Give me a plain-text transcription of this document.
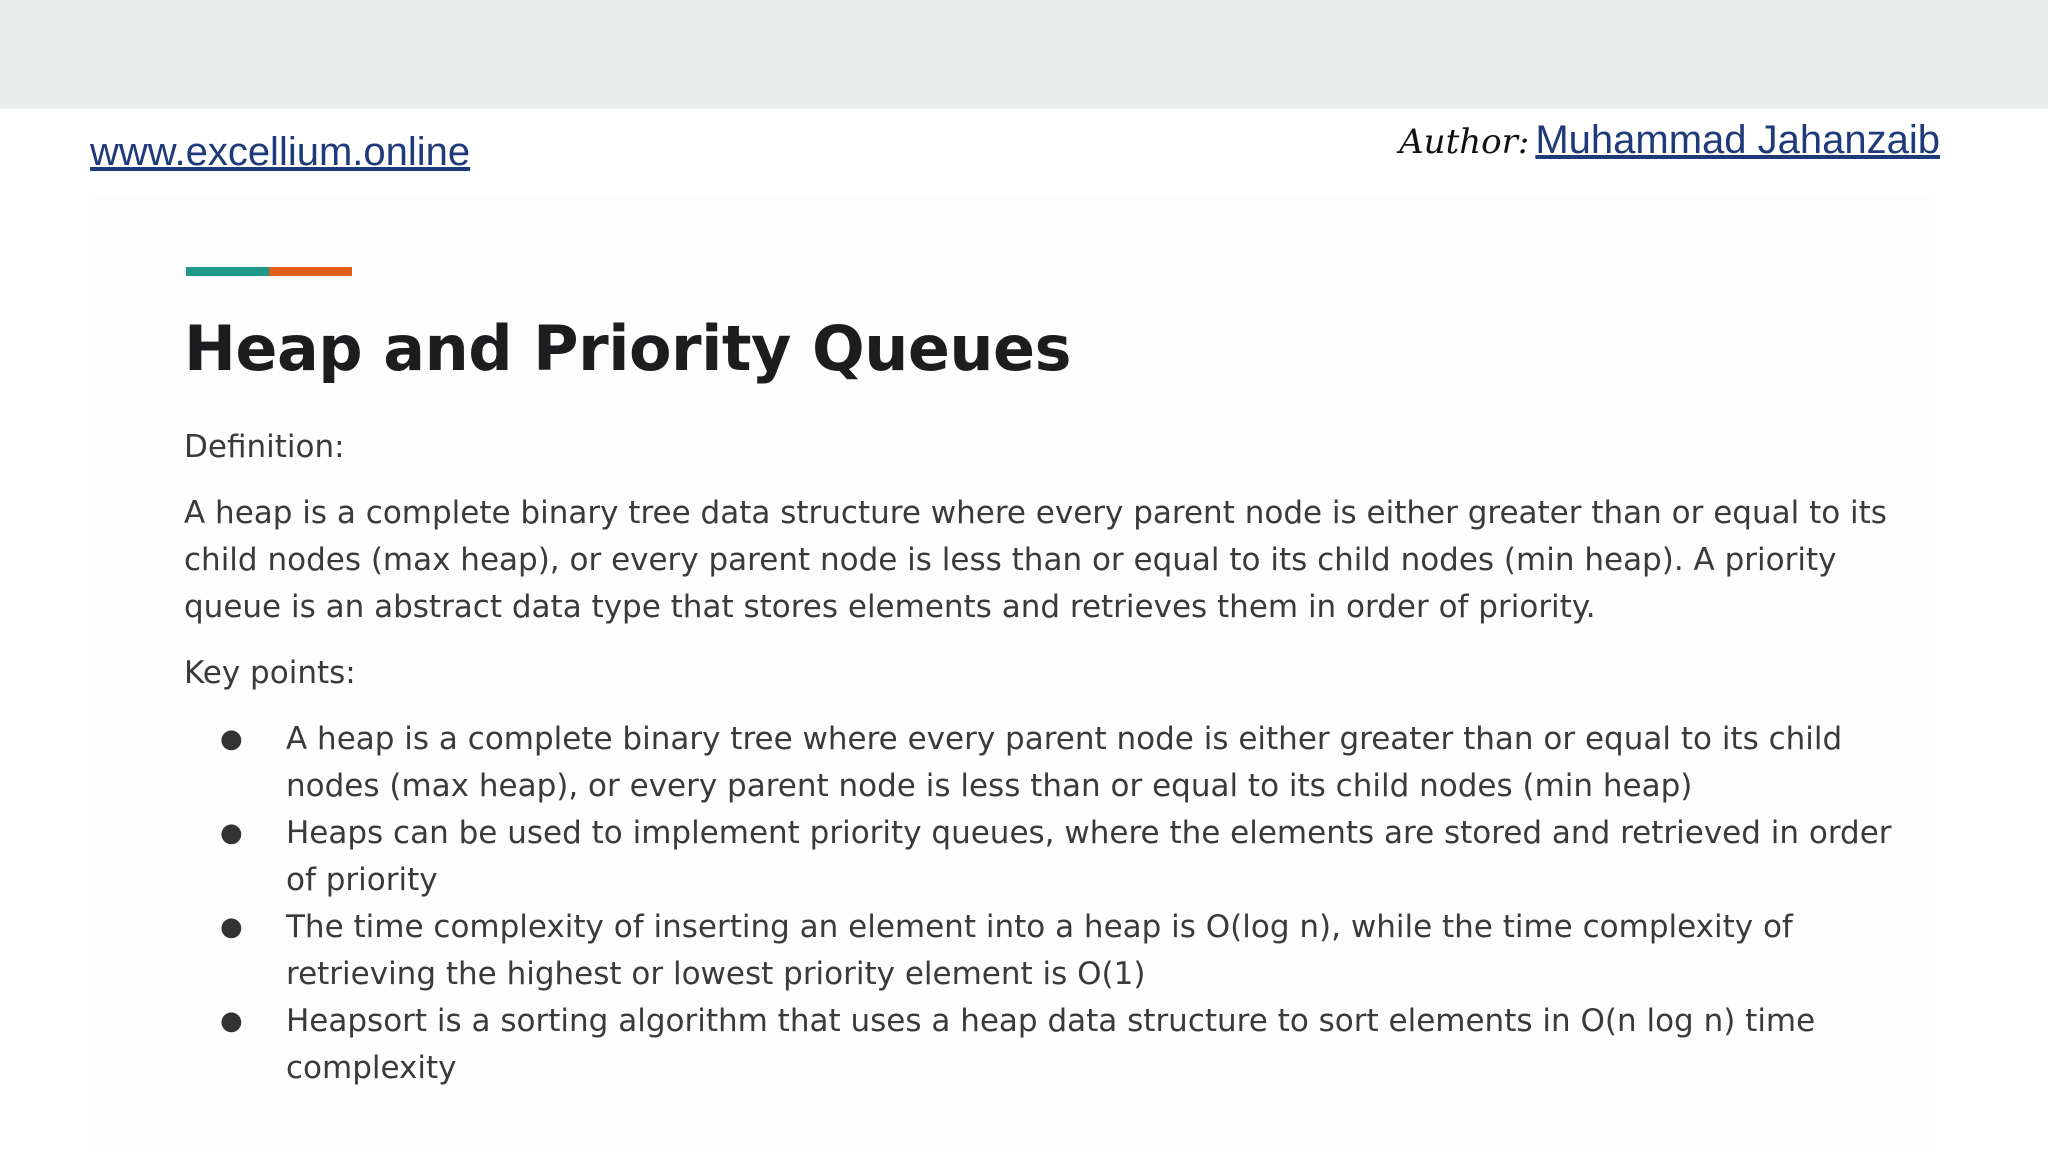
www.excellium.online	Author: Muhammad Jahanzaib
Heap and Priority Queues

Definition:

A heap is a complete binary tree data structure where every parent node is either greater than or equal to its child nodes (max heap), or every parent node is less than or equal to its child nodes (min heap). A priority queue is an abstract data type that stores elements and retrieves them in order of priority.

Key points:

● A heap is a complete binary tree where every parent node is either greater than or equal to its child nodes (max heap), or every parent node is less than or equal to its child nodes (min heap)
● Heaps can be used to implement priority queues, where the elements are stored and retrieved in order of priority
● The time complexity of inserting an element into a heap is O(log n), while the time complexity of retrieving the highest or lowest priority element is O(1)
● Heapsort is a sorting algorithm that uses a heap data structure to sort elements in O(n log n) time complexity
